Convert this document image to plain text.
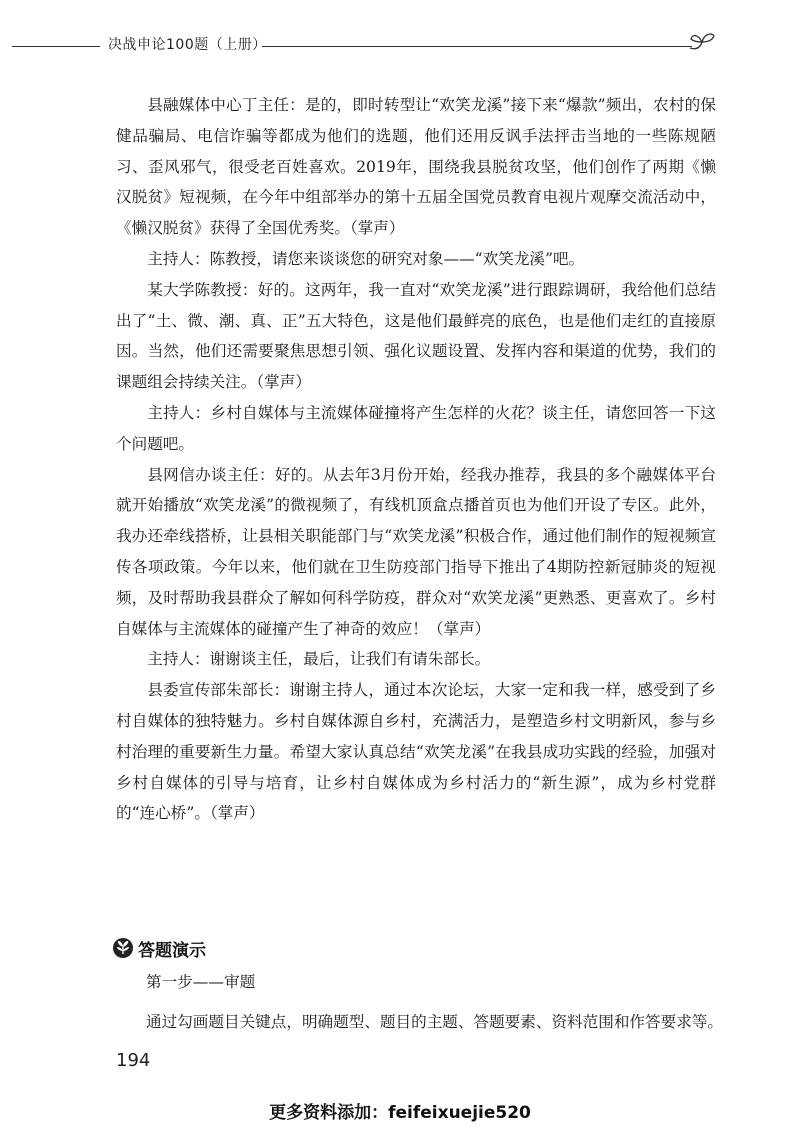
决战申论100题（上册）

县融媒体中心丁主任：是的，即时转型让“欢笑龙溪”接下来“爆款”频出，农村的保健品骗局、电信诈骗等都成为他们的选题，他们还用反讽手法抨击当地的一些陈规陋习、歪风邪气，很受老百姓喜欢。2019年，围绕我县脱贫攻坚，他们创作了两期《懒汉脱贫》短视频，在今年中组部举办的第十五届全国党员教育电视片观摩交流活动中，《懒汉脱贫》获得了全国优秀奖。（掌声）

主持人：陈教授，请您来谈谈您的研究对象——“欢笑龙溪”吧。

某大学陈教授：好的。这两年，我一直对“欢笑龙溪”进行跟踪调研，我给他们总结出了“土、微、潮、真、正”五大特色，这是他们最鲜亮的底色，也是他们走红的直接原因。当然，他们还需要聚焦思想引领、强化议题设置、发挥内容和渠道的优势，我们的课题组会持续关注。（掌声）

主持人：乡村自媒体与主流媒体碰撞将产生怎样的火花？谈主任，请您回答一下这个问题吧。

县网信办谈主任：好的。从去年3月份开始，经我办推荐，我县的多个融媒体平台就开始播放“欢笑龙溪”的微视频了，有线机顶盒点播首页也为他们开设了专区。此外，我办还牵线搭桥，让县相关职能部门与“欢笑龙溪”积极合作，通过他们制作的短视频宣传各项政策。今年以来，他们就在卫生防疫部门指导下推出了4期防控新冠肺炎的短视频，及时帮助我县群众了解如何科学防疫，群众对“欢笑龙溪”更熟悉、更喜欢了。乡村自媒体与主流媒体的碰撞产生了神奇的效应！（掌声）

主持人：谢谢谈主任，最后，让我们有请朱部长。

县委宣传部朱部长：谢谢主持人，通过本次论坛，大家一定和我一样，感受到了乡村自媒体的独特魅力。乡村自媒体源自乡村，充满活力，是塑造乡村文明新风，参与乡村治理的重要新生力量。希望大家认真总结“欢笑龙溪”在我县成功实践的经验，加强对乡村自媒体的引导与培育，让乡村自媒体成为乡村活力的“新生源”，成为乡村党群的“连心桥”。（掌声）

答题演示
第一步——审题
通过勾画题目关键点，明确题型、题目的主题、答题要素、资料范围和作答要求等。
194
更多资料添加：feifeixuejie520
